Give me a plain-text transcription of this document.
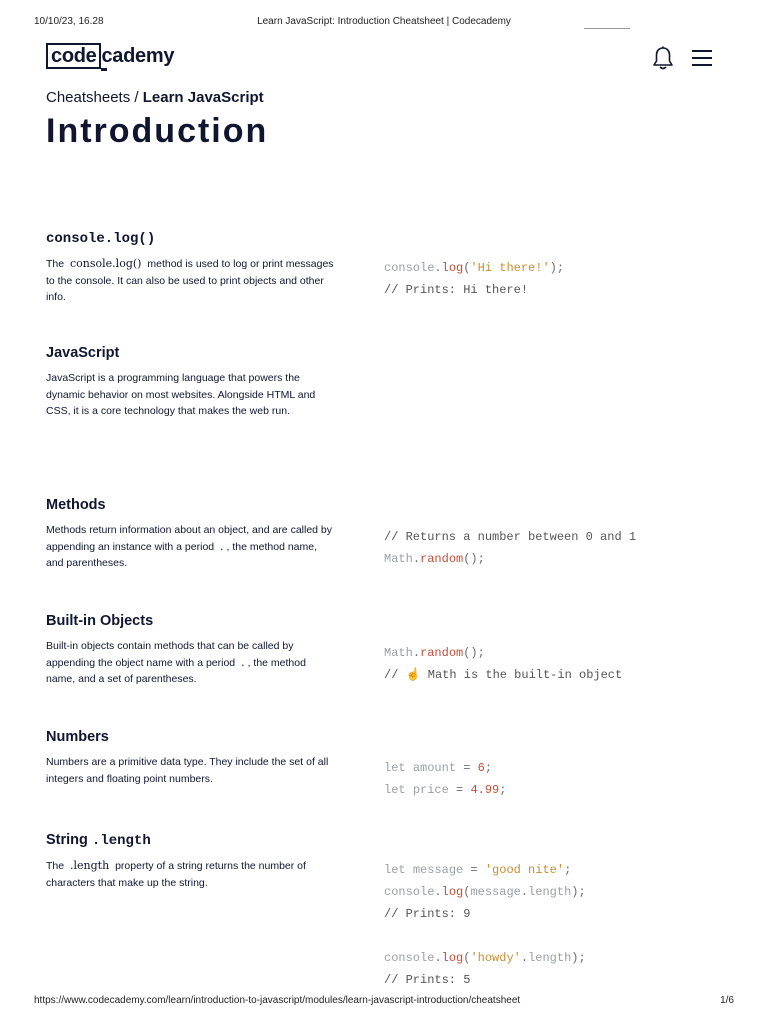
10/10/23, 16.28	Learn JavaScript: Introduction Cheatsheet | Codecademy
code cademy
Cheatsheets / Learn JavaScript
Introduction
console.log()

The console.log() method is used to log or print messages to the console. It can also be used to print objects and other info.

console.log('Hi there!');
// Prints: Hi there!
JavaScript

JavaScript is a programming language that powers the dynamic behavior on most websites. Alongside HTML and CSS, it is a core technology that makes the web run.

Methods

Methods return information about an object, and are called by appending an instance with a period . , the method name, and parentheses.

// Returns a number between 0 and 1
Math.random();
Built-in Objects

Built-in objects contain methods that can be called by appending the object name with a period . , the method name, and a set of parentheses.

Math.random();
// ☝️ Math is the built-in object
Numbers

Numbers are a primitive data type. They include the set of all integers and floating point numbers.

let amount = 6;
let price = 4.99;
String .length

The .length property of a string returns the number of characters that make up the string.

let message = 'good nite';
console.log(message.length);
// Prints: 9

console.log('howdy'.length);
// Prints: 5
https://www.codecademy.com/learn/introduction-to-javascript/modules/learn-javascript-introduction/cheatsheet	1/6
